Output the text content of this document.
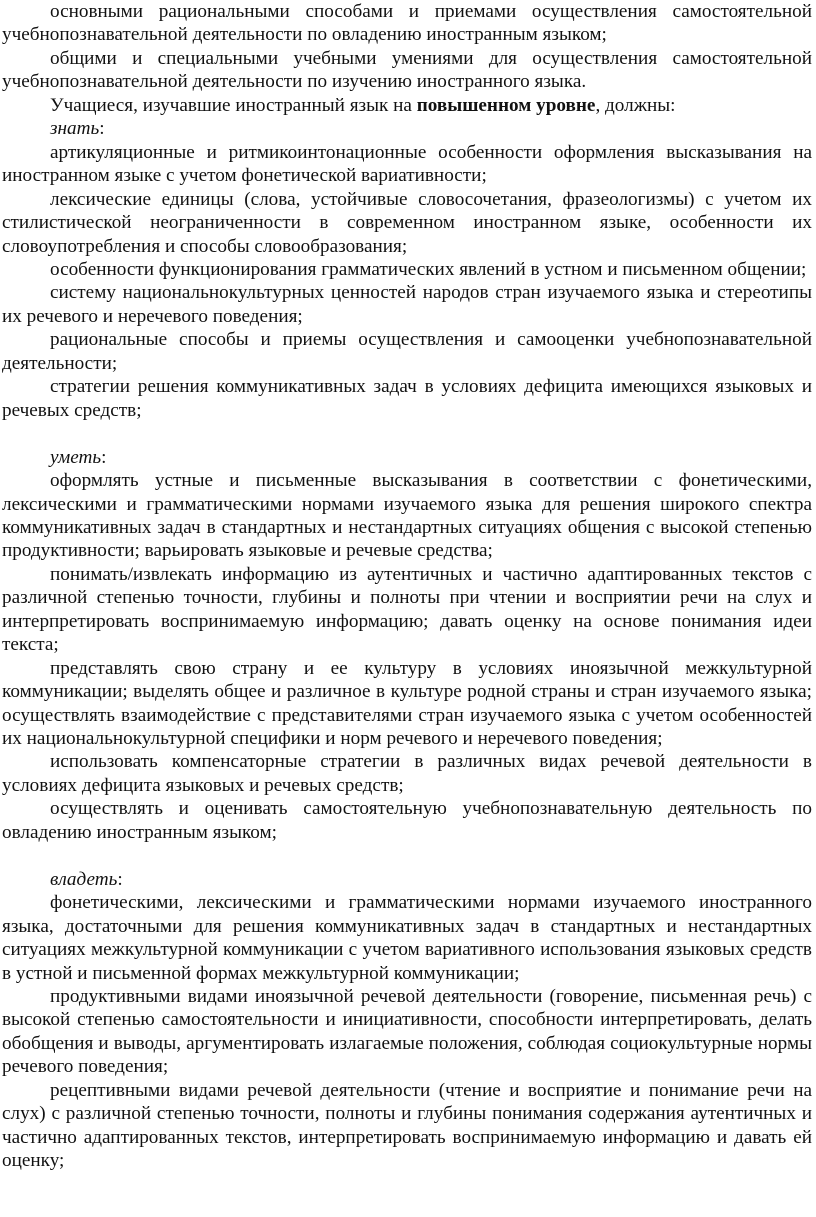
основными рациональными способами и приемами осуществления самостоятельной учебнопознавательной деятельности по овладению иностранным языком;

общими и специальными учебными умениями для осуществления самостоятельной учебнопознавательной деятельности по изучению иностранного языка.

Учащиеся, изучавшие иностранный язык на повышенном уровне, должны:

знать:

артикуляционные и ритмикоинтонационные особенности оформления высказывания на иностранном языке с учетом фонетической вариативности;

лексические единицы (слова, устойчивые словосочетания, фразеологизмы) с учетом их стилистической неограниченности в современном иностранном языке, особенности их словоупотребления и способы словообразования;

особенности функционирования грамматических явлений в устном и письменном общении;

систему национальнокультурных ценностей народов стран изучаемого языка и стереотипы их речевого и неречевого поведения;

рациональные способы и приемы осуществления и самооценки учебнопознавательной деятельности;

стратегии решения коммуникативных задач в условиях дефицита имеющихся языковых и речевых средств;

уметь:

оформлять устные и письменные высказывания в соответствии с фонетическими, лексическими и грамматическими нормами изучаемого языка для решения широкого спектра коммуникативных задач в стандартных и нестандартных ситуациях общения с высокой степенью продуктивности; варьировать языковые и речевые средства;

понимать/извлекать информацию из аутентичных и частично адаптированных текстов с различной степенью точности, глубины и полноты при чтении и восприятии речи на слух и интерпретировать воспринимаемую информацию; давать оценку на основе понимания идеи текста;

представлять свою страну и ее культуру в условиях иноязычной межкультурной коммуникации; выделять общее и различное в культуре родной страны и стран изучаемого языка; осуществлять взаимодействие с представителями стран изучаемого языка с учетом особенностей их национальнокультурной специфики и норм речевого и неречевого поведения;

использовать компенсаторные стратегии в различных видах речевой деятельности в условиях дефицита языковых и речевых средств;

осуществлять и оценивать самостоятельную учебнопознавательную деятельность по овладению иностранным языком;

владеть:

фонетическими, лексическими и грамматическими нормами изучаемого иностранного языка, достаточными для решения коммуникативных задач в стандартных и нестандартных ситуациях межкультурной коммуникации с учетом вариативного использования языковых средств в устной и письменной формах межкультурной коммуникации;

продуктивными видами иноязычной речевой деятельности (говорение, письменная речь) с высокой степенью самостоятельности и инициативности, способности интерпретировать, делать обобщения и выводы, аргументировать излагаемые положения, соблюдая социокультурные нормы речевого поведения;

рецептивными видами речевой деятельности (чтение и восприятие и понимание речи на слух) с различной степенью точности, полноты и глубины понимания содержания аутентичных и частично адаптированных текстов, интерпретировать воспринимаемую информацию и давать ей оценку;
